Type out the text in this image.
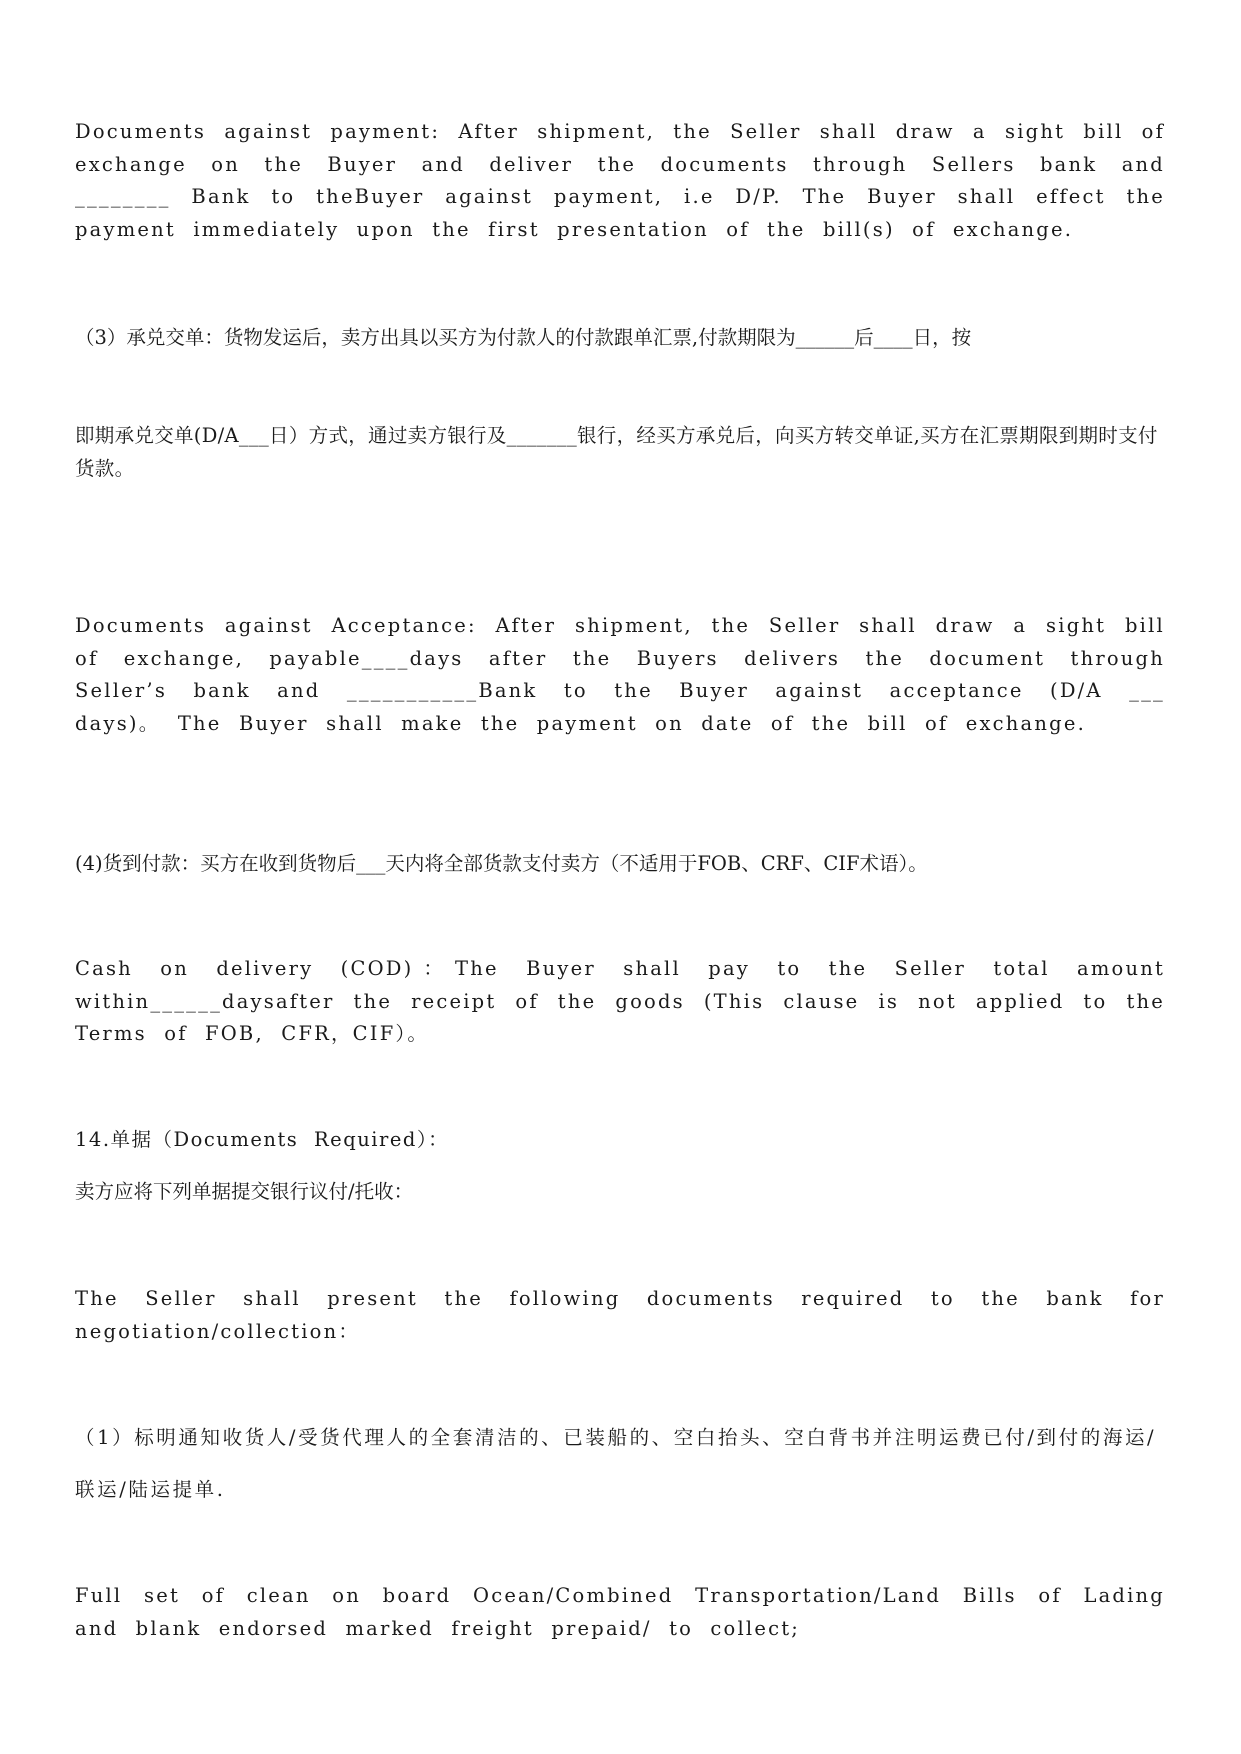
Documents against payment: After shipment, the Seller shall draw a sight bill of exchange on the Buyer and deliver the documents through Sellers bank and ________ Bank to theBuyer against payment, i.e D/P. The Buyer shall effect the payment immediately upon the first presentation of the bill(s) of exchange.

（3）承兑交单：货物发运后，卖方出具以买方为付款人的付款跟单汇票,付款期限为______后____日，按

即期承兑交单(D/A___日）方式，通过卖方银行及_______银行，经买方承兑后，向买方转交单证,买方在汇票期限到期时支付货款。

Documents against Acceptance: After shipment, the Seller shall draw a sight bill of exchange, payable____days after the Buyers delivers the document through Seller’s bank and ___________Bank to the Buyer against acceptance (D/A ___ days)。 The Buyer shall make the payment on date of the bill of exchange.

(4)货到付款：买方在收到货物后___天内将全部货款支付卖方（不适用于FOB、CRF、CIF术语）。

Cash on delivery (COD)：The Buyer shall pay to the Seller total amount within______daysafter the receipt of the goods (This clause is not applied to the Terms of FOB, CFR，CIF）。

14.单据（Documents Required）：

卖方应将下列单据提交银行议付/托收：

The Seller shall present the following documents required to the bank for negotiation/collection：

（1）标明通知收货人/受货代理人的全套清洁的、已装船的、空白抬头、空白背书并注明运费已付/到付的海运/联运/陆运提单.

Full set of clean on board Ocean/Combined Transportation/Land Bills of Lading and blank endorsed marked freight prepaid/ to collect;
